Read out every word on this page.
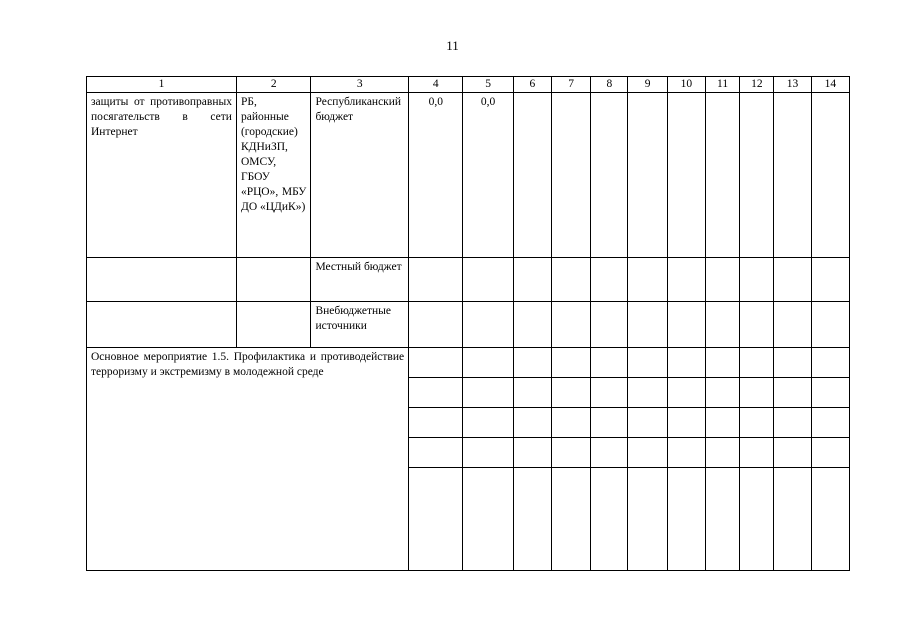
11
1	2	3	4	5	6	7	8	9	10	11	12	13	14
защиты от противоправных посягательств в сети Интернет	РБ, районные (городские) КДНиЗП, ОМСУ, ГБОУ «РЦО», МБУ ДО «ЦДиК»)	Республиканский бюджет	0,0	0,0									
		Местный бюджет											
		Внебюджетные источники											
Основное мероприятие 1.5. Профилактика и противодействие терроризму и экстремизму в молодежной среде													
